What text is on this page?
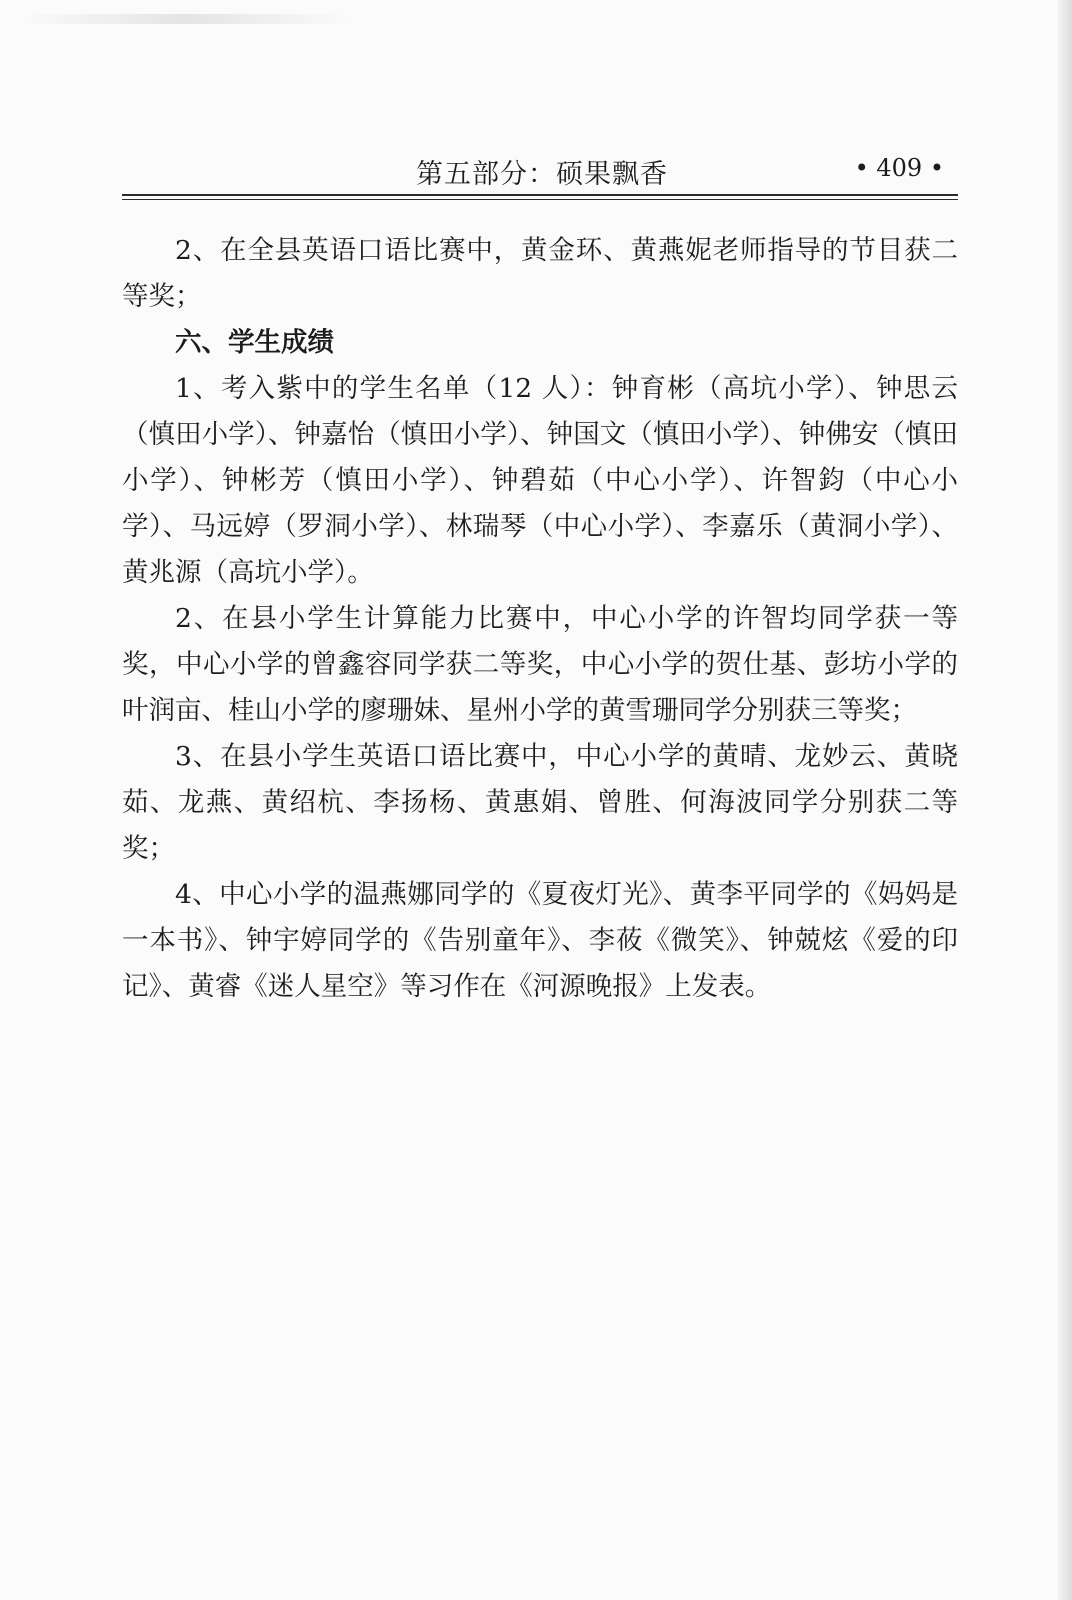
第五部分：硕果飘香	• 409 •

2、在全县英语口语比赛中，黄金环、黄燕妮老师指导的节目获二等奖；

六、学生成绩

1、考入紫中的学生名单（12 人）：钟育彬（高坑小学）、钟思云（慎田小学）、钟嘉怡（慎田小学）、钟国文（慎田小学）、钟佛安（慎田小学）、钟彬芳（慎田小学）、钟碧茹（中心小学）、许智鈞（中心小学）、马远婷（罗洞小学）、林瑞琴（中心小学）、李嘉乐（黄洞小学）、黄兆源（高坑小学）。

2、在县小学生计算能力比赛中，中心小学的许智均同学获一等奖，中心小学的曾鑫容同学获二等奖，中心小学的贺仕基、彭坊小学的叶润亩、桂山小学的廖珊妹、星州小学的黄雪珊同学分别获三等奖；

3、在县小学生英语口语比赛中，中心小学的黄晴、龙妙云、黄晓茹、龙燕、黄绍杭、李扬杨、黄惠娟、曾胜、何海波同学分别获二等奖；

4、中心小学的温燕娜同学的《夏夜灯光》、黄李平同学的《妈妈是一本书》、钟宇婷同学的《告别童年》、李莜《微笑》、钟兢炫《爱的印记》、黄睿《迷人星空》等习作在《河源晚报》上发表。
